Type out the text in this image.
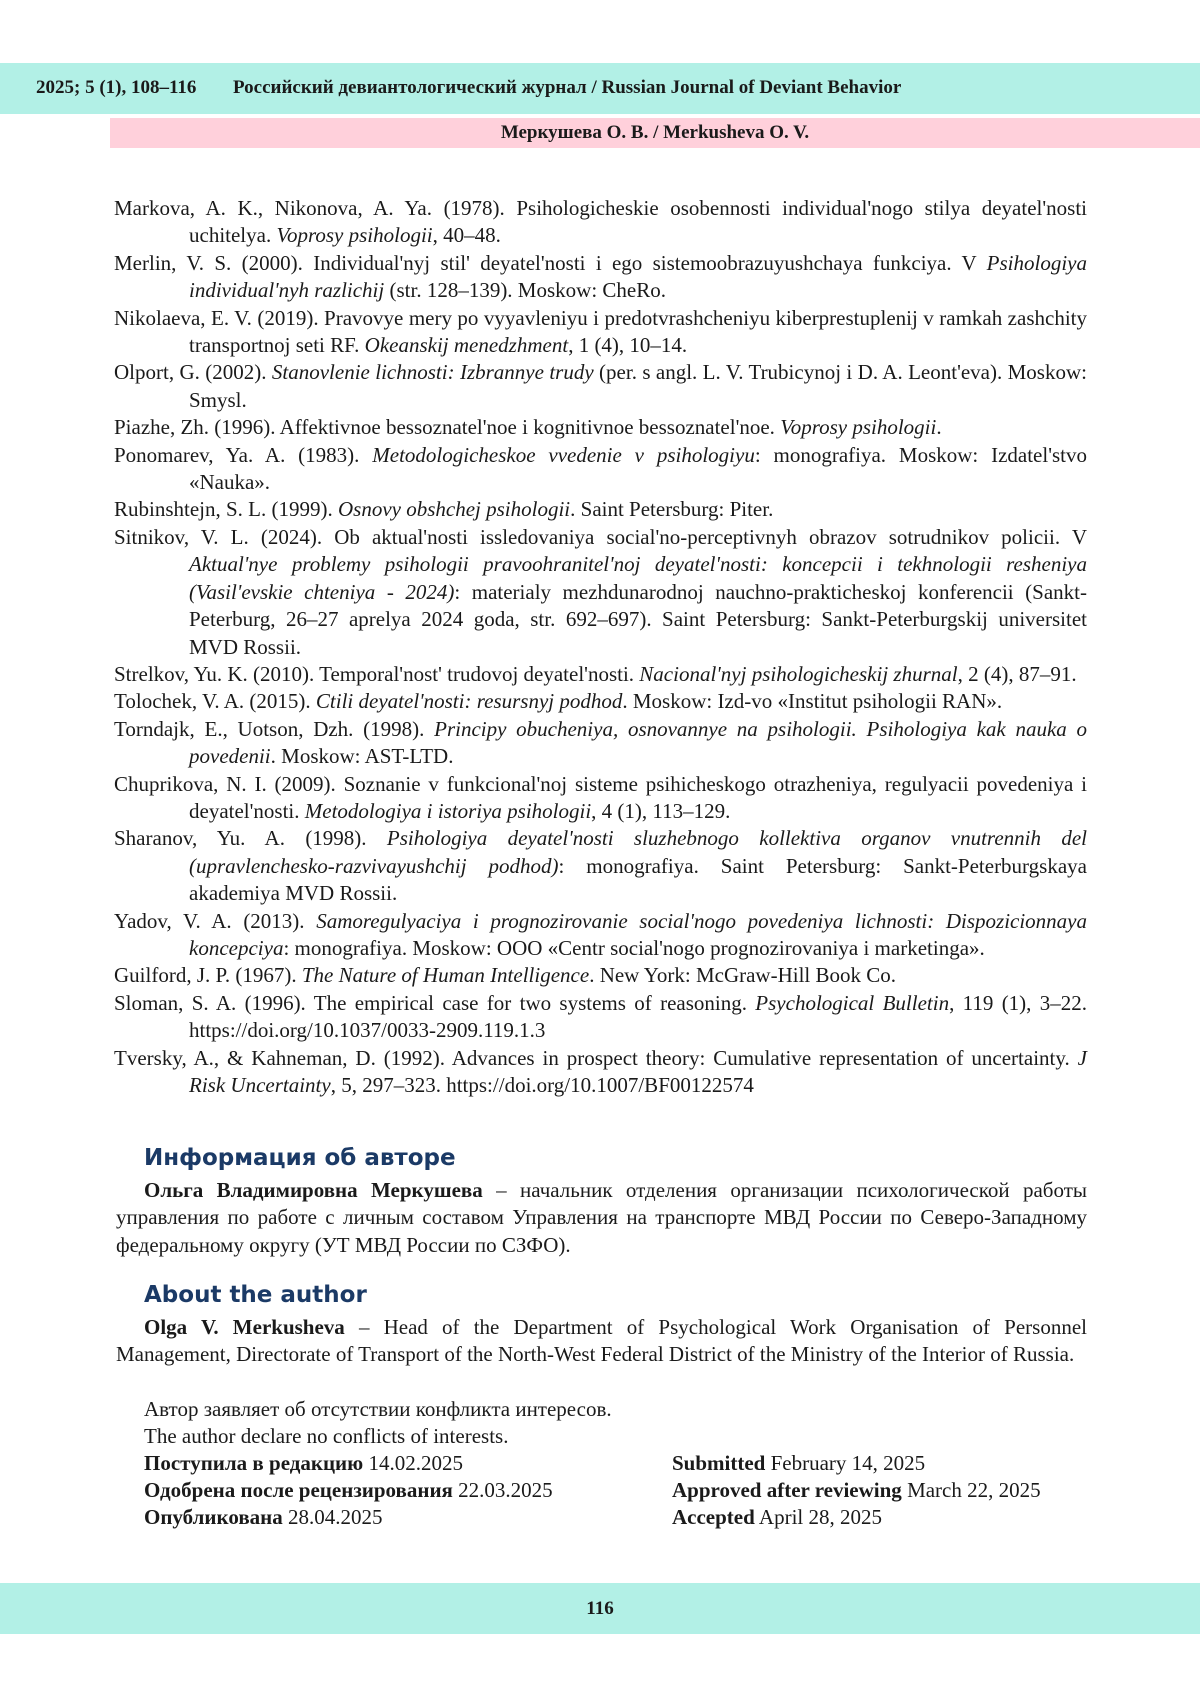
2025; 5 (1), 108–116 Российский девиантологический журнал / Russian Journal of Deviant Behavior
Меркушева О. В. / Merkusheva O. V.
Markova, A. K., Nikonova, A. Ya. (1978). Psihologicheskie osobennosti individual'nogo stilya deyatel'nosti uchitelya. Voprosy psihologii, 40–48.
Merlin, V. S. (2000). Individual'nyj stil' deyatel'nosti i ego sistemoobrazuyushchaya funkciya. V Psihologiya individual'nyh razlichij (str. 128–139). Moskow: CheRo.
Nikolaeva, E. V. (2019). Pravovye mery po vyyavleniyu i predotvrashcheniyu kiberprestuplenij v ramkah zashchity transportnoj seti RF. Okeanskij menedzhment, 1 (4), 10–14.
Olport, G. (2002). Stanovlenie lichnosti: Izbrannye trudy (per. s angl. L. V. Trubicynoj i D. A. Leont'eva). Moskow: Smysl.
Piazhe, Zh. (1996). Affektivnoe bessoznatel'noe i kognitivnoe bessoznatel'noe. Voprosy psihologii.
Ponomarev, Ya. A. (1983). Metodologicheskoe vvedenie v psihologiyu: monografiya. Moskow: Izdatel'stvo «Nauka».
Rubinshtejn, S. L. (1999). Osnovy obshchej psihologii. Saint Petersburg: Piter.
Sitnikov, V. L. (2024). Ob aktual'nosti issledovaniya social'no-perceptivnyh obrazov sotrudnikov policii. V Aktual'nye problemy psihologii pravoohranitel'noj deyatel'nosti: koncepcii i tekhnologii resheniya (Vasil'evskie chteniya - 2024): materialy mezhdunarodnoj nauchno-prakticheskoj konferencii (Sankt-Peterburg, 26–27 aprelya 2024 goda, str. 692–697). Saint Petersburg: Sankt-Peterburgskij universitet MVD Rossii.
Strelkov, Yu. K. (2010). Temporal'nost' trudovoj deyatel'nosti. Nacional'nyj psihologicheskij zhurnal, 2 (4), 87–91.
Tolochek, V. A. (2015). Ctili deyatel'nosti: resursnyj podhod. Moskow: Izd-vo «Institut psihologii RAN».
Torndajk, E., Uotson, Dzh. (1998). Principy obucheniya, osnovannye na psihologii. Psihologiya kak nauka o povedenii. Moskow: AST-LTD.
Chuprikova, N. I. (2009). Soznanie v funkcional'noj sisteme psihicheskogo otrazheniya, regulyacii povedeniya i deyatel'nosti. Metodologiya i istoriya psihologii, 4 (1), 113–129.
Sharanov, Yu. A. (1998). Psihologiya deyatel'nosti sluzhebnogo kollektiva organov vnutrennih del (upravlenchesko-razvivayushchij podhod): monografiya. Saint Petersburg: Sankt-Peterburgskaya akademiya MVD Rossii.
Yadov, V. A. (2013). Samoregulyaciya i prognozirovanie social'nogo povedeniya lichnosti: Dispozicionnaya koncepciya: monografiya. Moskow: OOO «Centr social'nogo prognozirovaniya i marketinga».
Guilford, J. P. (1967). The Nature of Human Intelligence. New York: McGraw-Hill Book Co.
Sloman, S. A. (1996). The empirical case for two systems of reasoning. Psychological Bulletin, 119 (1), 3–22. https://doi.org/10.1037/0033-2909.119.1.3
Tversky, A., & Kahneman, D. (1992). Advances in prospect theory: Cumulative representation of uncertainty. J Risk Uncertainty, 5, 297–323. https://doi.org/10.1007/BF00122574
Информация об авторе
Ольга Владимировна Меркушева – начальник отделения организации психологической работы управления по работе с личным составом Управления на транспорте МВД России по Северо-Западному федеральному округу (УТ МВД России по СЗФО).
About the author
Olga V. Merkusheva – Head of the Department of Psychological Work Organisation of Personnel Management, Directorate of Transport of the North-West Federal District of the Ministry of the Interior of Russia.
Автор заявляет об отсутствии конфликта интересов.
The author declare no conflicts of interests.
Поступила в редакцию 14.02.2025
Одобрена после рецензирования 22.03.2025
Опубликована 28.04.2025
Submitted February 14, 2025
Approved after reviewing March 22, 2025
Accepted April 28, 2025
116
